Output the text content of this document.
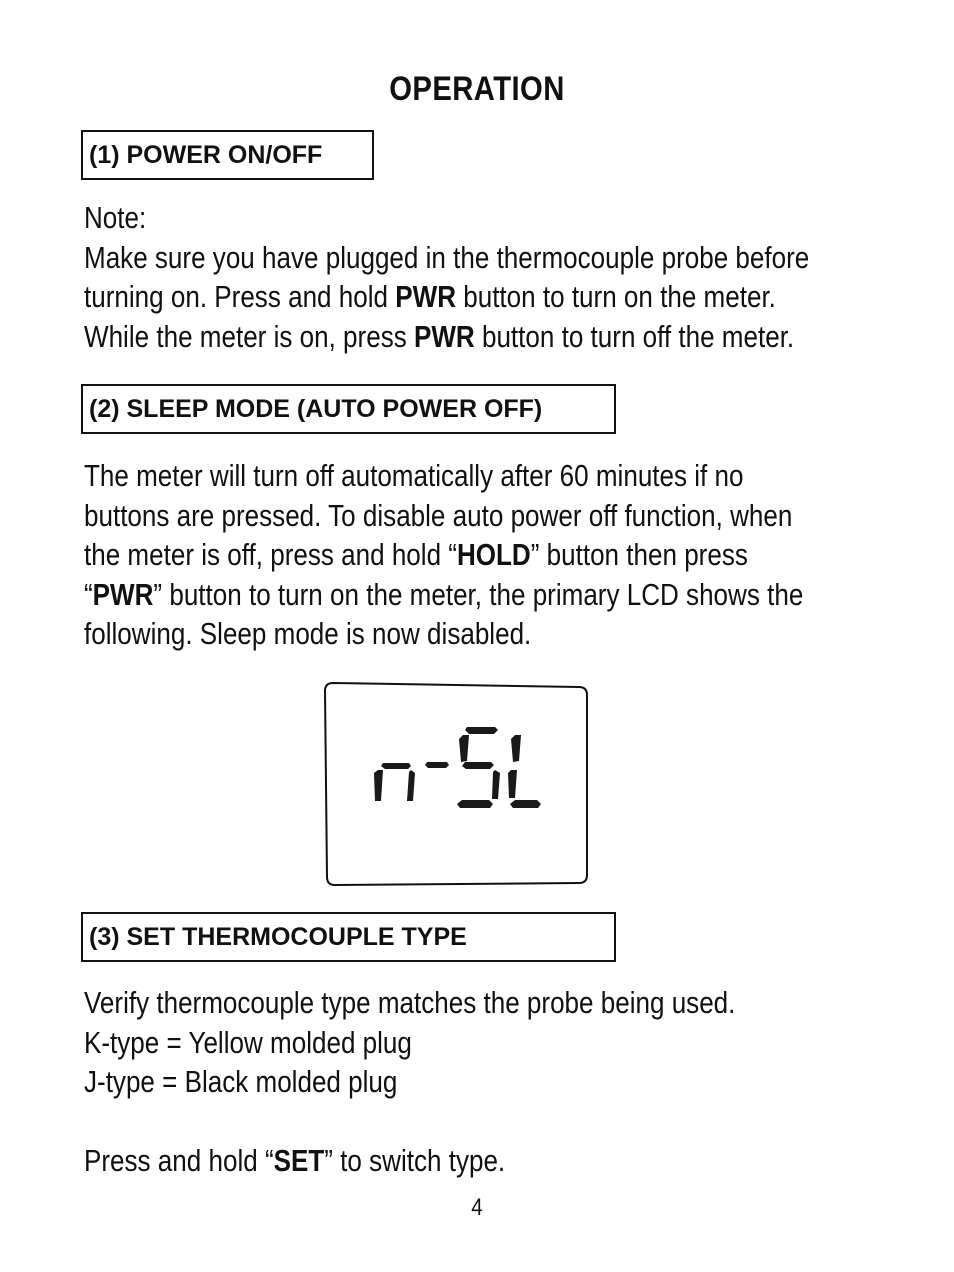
OPERATION
(1) POWER ON/OFF
Note:
Make sure you have plugged in the thermocouple probe before
turning on. Press and hold PWR button to turn on the meter.
While the meter is on, press PWR button to turn off the meter.
(2) SLEEP MODE (AUTO POWER OFF)
The meter will turn off automatically after 60 minutes if no
buttons are pressed. To disable auto power off function, when
the meter is off, press and hold “HOLD” button then press
“PWR” button to turn on the meter, the primary LCD shows the
following. Sleep mode is now disabled.
n-SL
(3) SET THERMOCOUPLE TYPE
Verify thermocouple type matches the probe being used.
K-type = Yellow molded plug
J-type = Black molded plug

Press and hold “SET” to switch type.
4
